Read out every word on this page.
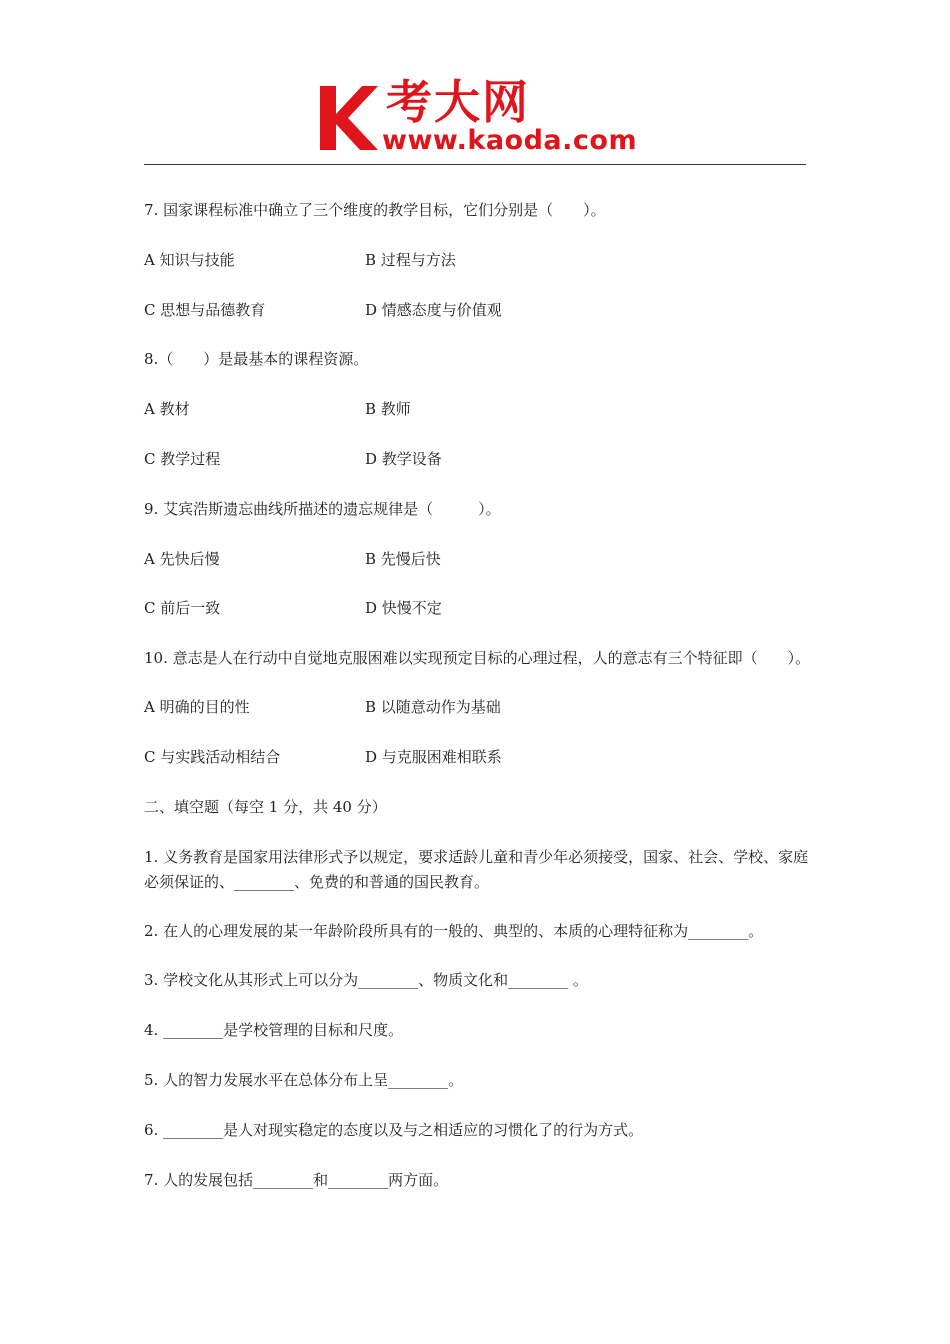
考大网
www.kaoda.com
7. 国家课程标准中确立了三个维度的教学目标，它们分别是（　　）。
A 知识与技能	B 过程与方法
C 思想与品德教育	D 情感态度与价值观
8.（　　）是最基本的课程资源。
A 教材	B 教师
C 教学过程	D 教学设备
9. 艾宾浩斯遗忘曲线所描述的遗忘规律是（　　　）。
A 先快后慢	B 先慢后快
C 前后一致	D 快慢不定
10. 意志是人在行动中自觉地克服困难以实现预定目标的心理过程，人的意志有三个特征即（　　）。
A 明确的目的性	B 以随意动作为基础
C 与实践活动相结合	D 与克服困难相联系
二、填空题（每空 1 分，共 40 分）
1. 义务教育是国家用法律形式予以规定，要求适龄儿童和青少年必须接受，国家、社会、学校、家庭必须保证的、________、免费的和普通的国民教育。
2. 在人的心理发展的某一年龄阶段所具有的一般的、典型的、本质的心理特征称为________。
3. 学校文化从其形式上可以分为________、物质文化和________ 。
4. ________是学校管理的目标和尺度。
5. 人的智力发展水平在总体分布上呈________。
6. ________是人对现实稳定的态度以及与之相适应的习惯化了的行为方式。
7. 人的发展包括________和________两方面。
